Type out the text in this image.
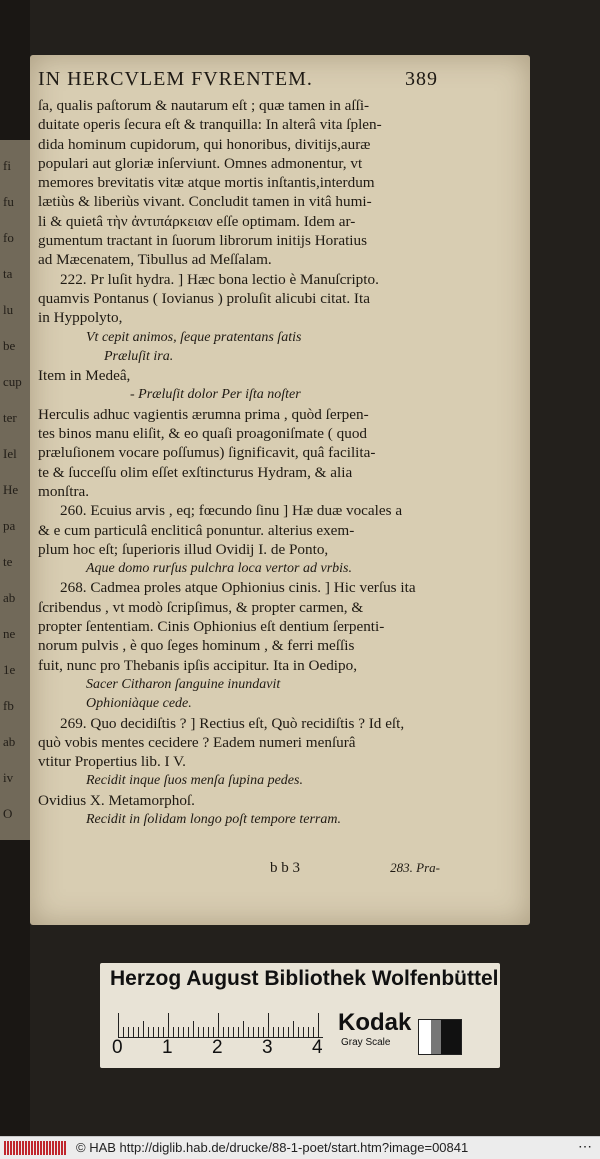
fi
fu
fo
ta
lu
be
cup
ter
Iel
He
pa
te
ab
ne
1e
fb
ab
iv
O
IN HERCVLEM FVRENTEM.	389
ſa, qualis paſtorum & nautarum eſt ; quæ tamen in aſſi-
duitate operis ſecura eſt & tranquilla: In alterâ vita ſplen-
dida hominum cupidorum, qui honoribus, divitijs,auræ
populari aut gloriæ inſerviunt. Omnes admonentur, vt
memores brevitatis vitæ atque mortis inſtantis,interdum
lætiùs & liberiùs vivant. Concludit tamen in vitâ humi-
li & quietâ τὴν ἀντιπάρκειαν eſſe optimam. Idem ar-
gumentum tractant in ſuorum librorum initijs Horatius
ad Mæcenatem, Tibullus ad Meſſalam.
222. Pr luſit hydra. ] Hæc bona lectio è Manuſcripto.
quamvis Pontanus ( Iovianus ) proluſit alicubi citat. Ita
in Hyppolyto,
Vt cepit animos, ſeque pratentans ſatis
Præluſit ira.
Item in Medeâ,
- Præluſit dolor Per iſta noſter
Herculis adhuc vagientis ærumna prima , quòd ſerpen-
tes binos manu eliſit, & eo quaſi proagoniſmate ( quod
præluſionem vocare poſſumus) ſignificavit, quâ facilita-
te & ſucceſſu olim eſſet exſtincturus Hydram, & alia
monſtra.
260. Ecuius arvis , eq; fœcundo ſinu ] Hæ duæ vocales a
& e cum particulâ encliticâ ponuntur. alterius exem-
plum hoc eſt; ſuperioris illud Ovidij I. de Ponto,
Aque domo rurſus pulchra loca vertor ad vrbis.
268. Cadmea proles atque Ophionius cinis. ] Hic verſus ita
ſcribendus , vt modò ſcripſimus, & propter carmen, &
propter ſententiam. Cinis Ophionius eſt dentium ſerpenti-
norum pulvis , è quo ſeges hominum , & ferri meſſis
fuit, nunc pro Thebanis ipſis accipitur. Ita in Oedipo,
Sacer Citharon ſanguine inundavit
Ophioniàque cede.
269. Quo decidiſtis ? ] Rectius eſt, Quò recidiſtis ? Id eſt,
quò vobis mentes cecidere ? Eadem numeri menſurâ
vtitur Propertius lib. I V.
Recidit inque ſuos menſa ſupina pedes.
Ovidius X. Metamorphoſ.
Recidit in ſolidam longo poſt tempore terram.
b b 3	283. Pra-
Herzog August Bibliothek Wolfenbüttel
0 1 2 3 4
Kodak
Gray Scale
© HAB http://diglib.hab.de/drucke/88-1-poet/start.htm?image=00841	⋯
